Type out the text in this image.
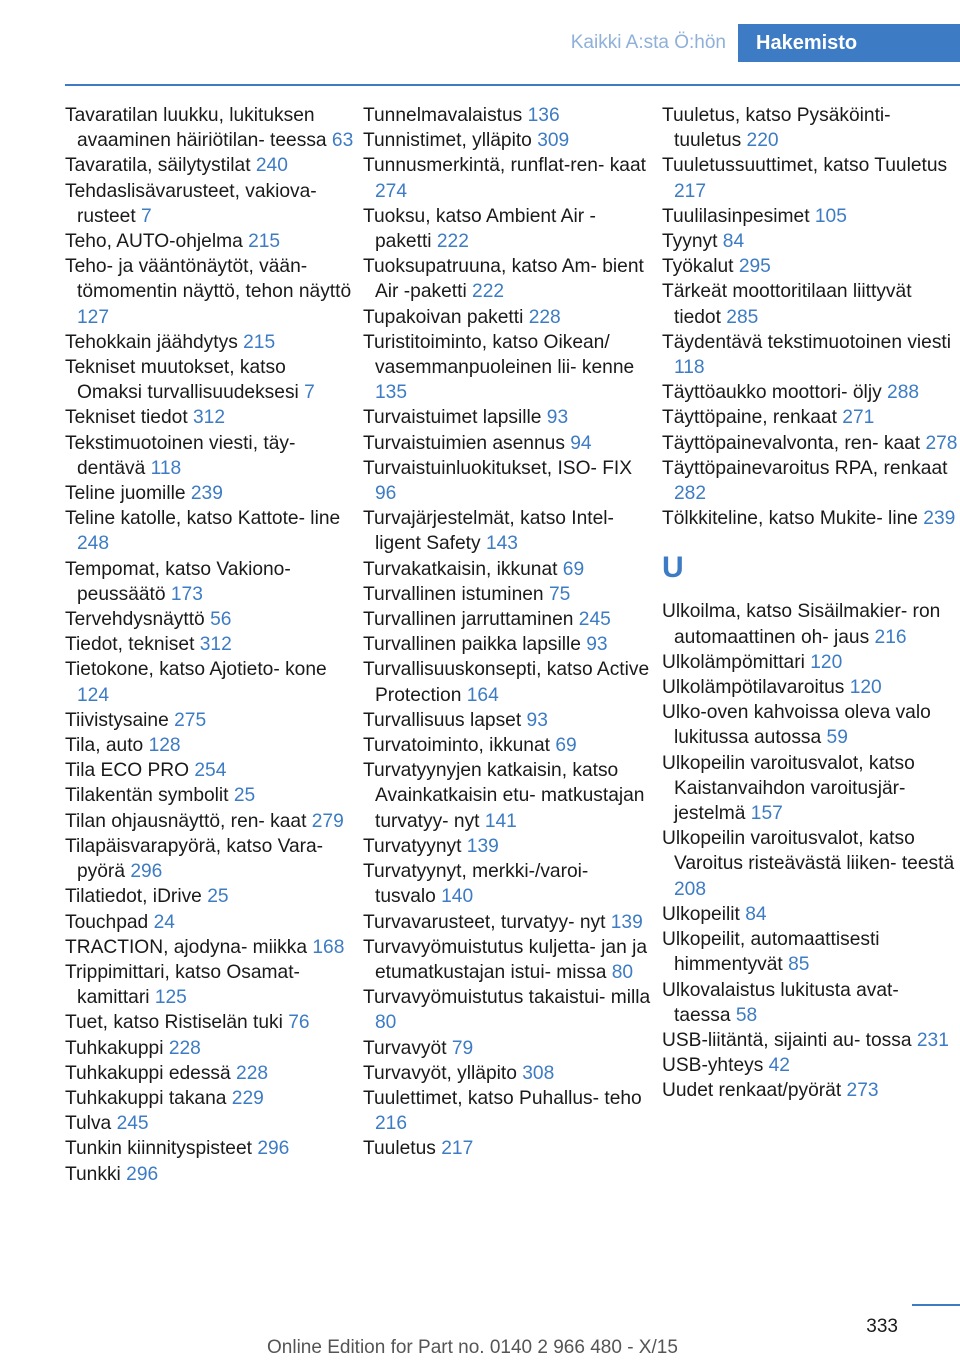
Kaikki A:sta Ö:hön	Hakemisto

Tavaratilan luukku, lukituksen avaaminen häiriötilan- teessa 63

Tavaratila, säilytystilat 240

Tehdaslisävarusteet, vakiova- rusteet 7

Teho, AUTO-ohjelma 215

Teho- ja vääntönäytöt, vään- tömomentin näyttö, tehon näyttö 127

Tehokkain jäähdytys 215

Tekniset muutokset, katso Omaksi turvallisuudeksesi 7

Tekniset tiedot 312

Tekstimuotoinen viesti, täy- dentävä 118

Teline juomille 239

Teline katolle, katso Kattote- line 248

Tempomat, katso Vakiono- peussäätö 173

Tervehdysnäyttö 56

Tiedot, tekniset 312

Tietokone, katso Ajotieto- kone 124

Tiivistysaine 275

Tila, auto 128

Tila ECO PRO 254

Tilakentän symbolit 25

Tilan ohjausnäyttö, ren- kaat 279

Tilapäisvarapyörä, katso Vara- pyörä 296

Tilatiedot, iDrive 25

Touchpad 24

TRACTION, ajodyna- miikka 168

Trippimittari, katso Osamat- kamittari 125

Tuet, katso Ristiselän tuki 76

Tuhkakuppi 228

Tuhkakuppi edessä 228

Tuhkakuppi takana 229

Tulva 245

Tunkin kiinnityspisteet 296

Tunkki 296

Tunnelmavalaistus 136

Tunnistimet, ylläpito 309

Tunnusmerkintä, runflat-ren- kaat 274

Tuoksu, katso Ambient Air - paketti 222

Tuoksupatruuna, katso Am- bient Air -paketti 222

Tupakoivan paketti 228

Turistitoiminto, katso Oikean/ vasemmanpuoleinen lii- kenne 135

Turvaistuimet lapsille 93

Turvaistuimien asennus 94

Turvaistuinluokitukset, ISO- FIX 96

Turvajärjestelmät, katso Intel- ligent Safety 143

Turvakatkaisin, ikkunat 69

Turvallinen istuminen 75

Turvallinen jarruttaminen 245

Turvallinen paikka lapsille 93

Turvallisuuskonsepti, katso Active Protection 164

Turvallisuus lapset 93

Turvatoiminto, ikkunat 69

Turvatyynyjen katkaisin, katso Avainkatkaisin etu- matkustajan turvatyy- nyt 141

Turvatyynyt 139

Turvatyynyt, merkki-/varoi- tusvalo 140

Turvavarusteet, turvatyy- nyt 139

Turvavyömuistutus kuljetta- jan ja etumatkustajan istui- missa 80

Turvavyömuistutus takaistui- milla 80

Turvavyöt 79

Turvavyöt, ylläpito 308

Tuulettimet, katso Puhallus- teho 216

Tuuletus 217

Tuuletus, katso Pysäköinti- tuuletus 220

Tuuletussuuttimet, katso Tuuletus 217

Tuulilasinpesimet 105

Tyynyt 84

Työkalut 295

Tärkeät moottoritilaan liittyvät tiedot 285

Täydentävä tekstimuotoinen viesti 118

Täyttöaukko moottori- öljy 288

Täyttöpaine, renkaat 271

Täyttöpainevalvonta, ren- kaat 278

Täyttöpainevaroitus RPA, renkaat 282

Tölkkiteline, katso Mukite- line 239

U

Ulkoilma, katso Sisäilmakier- ron automaattinen oh- jaus 216

Ulkolämpömittari 120

Ulkolämpötilavaroitus 120

Ulko-oven kahvoissa oleva valo lukitussa autossa 59

Ulkopeilin varoitusvalot, katso Kaistanvaihdon varoitusjär- jestelmä 157

Ulkopeilin varoitusvalot, katso Varoitus risteävästä liiken- teestä 208

Ulkopeilit 84

Ulkopeilit, automaattisesti himmentyvät 85

Ulkovalaistus lukitusta avat- taessa 58

USB-liitäntä, sijainti au- tossa 231

USB-yhteys 42

Uudet renkaat/pyörät 273

333
Online Edition for Part no. 0140 2 966 480 - X/15
